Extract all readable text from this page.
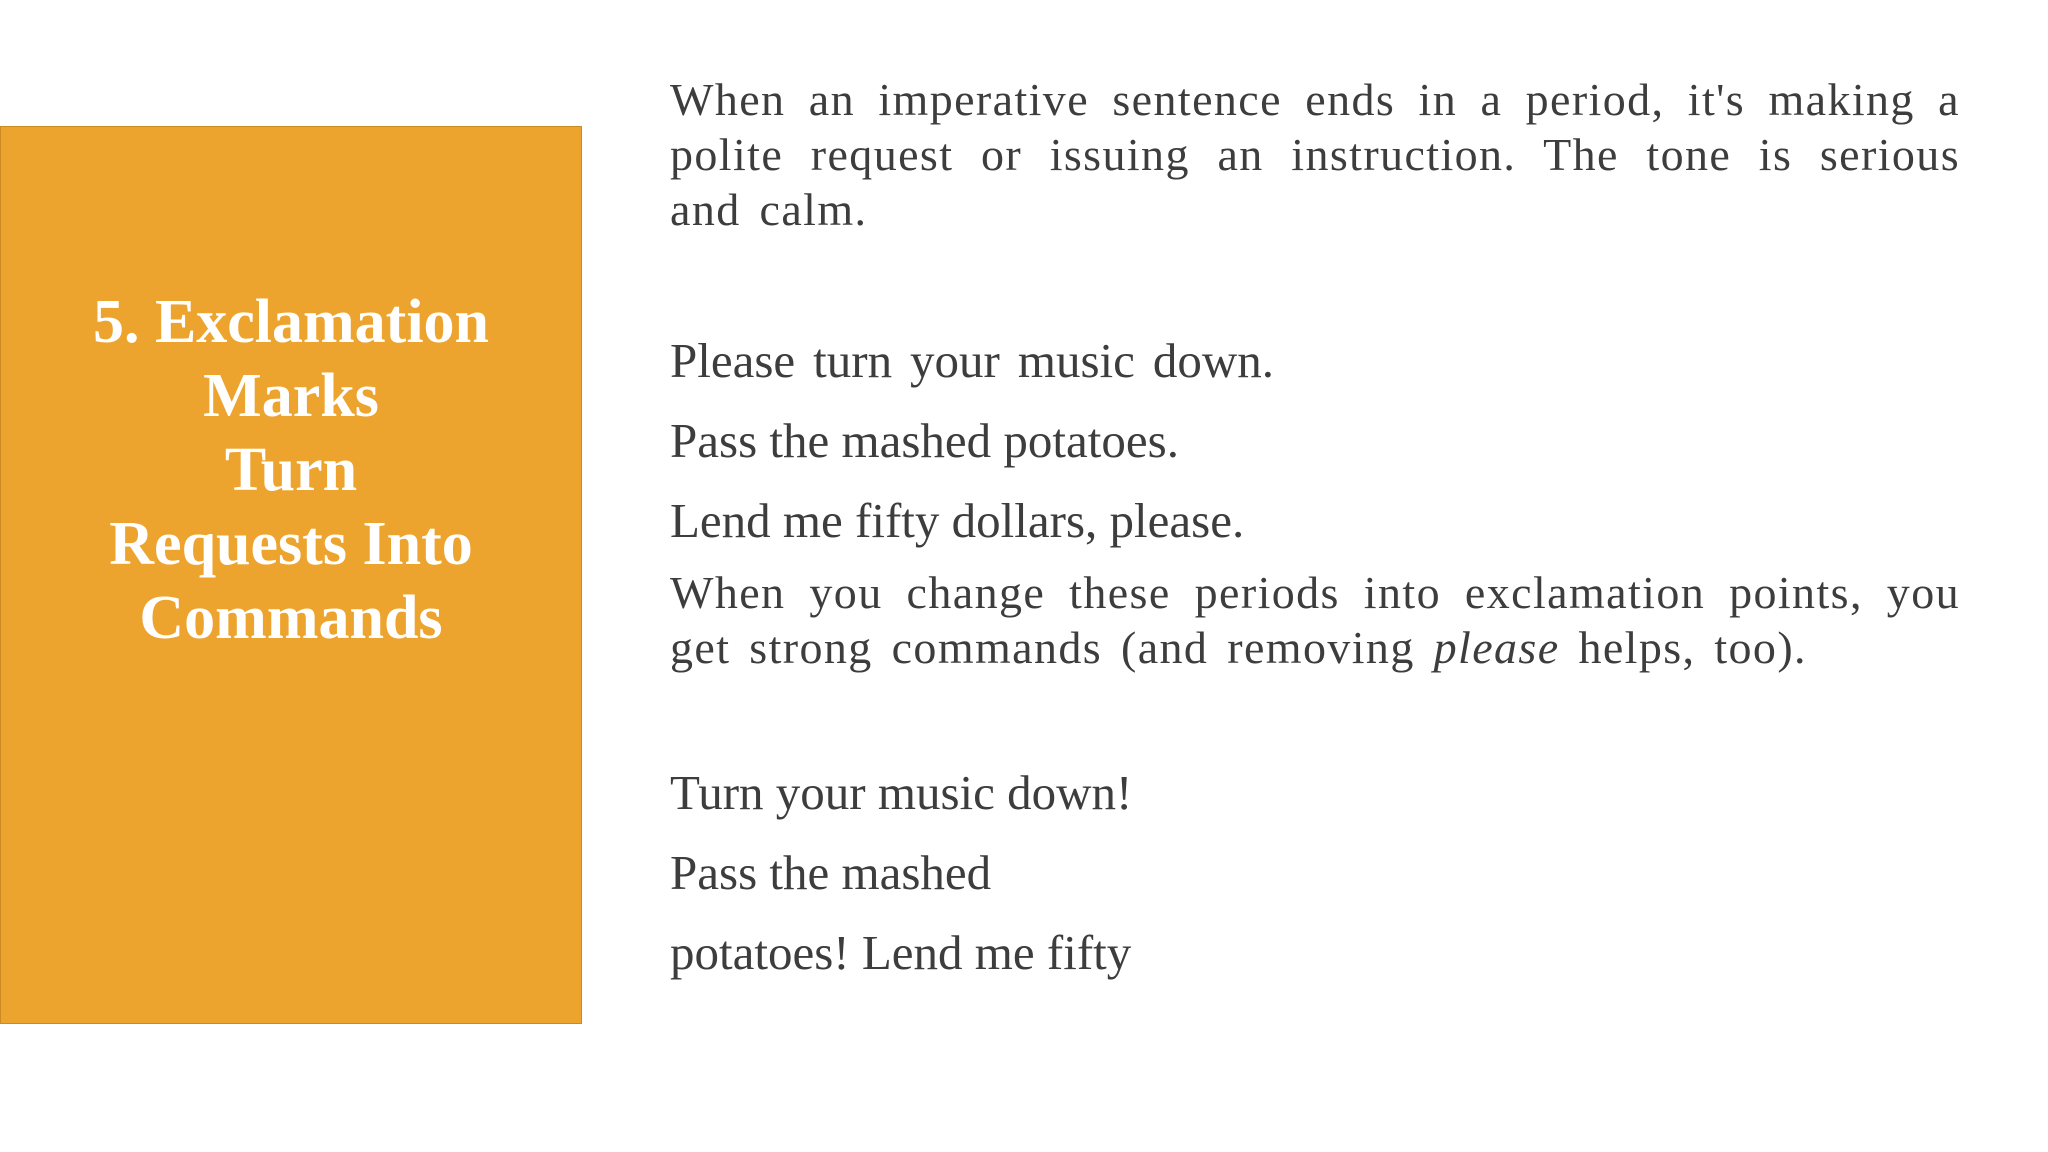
5. Exclamation Marks
Turn
Requests Into Commands

When an imperative sentence ends in a period, it's making a polite request or issuing an instruction. The tone is serious and calm.

Please turn your music down. Pass the mashed potatoes.

Lend me fifty dollars, please.

When you change these periods into exclamation points, you get strong commands (and removing please helps, too).

Turn your music down!

Pass the mashed potatoes! Lend me fifty
